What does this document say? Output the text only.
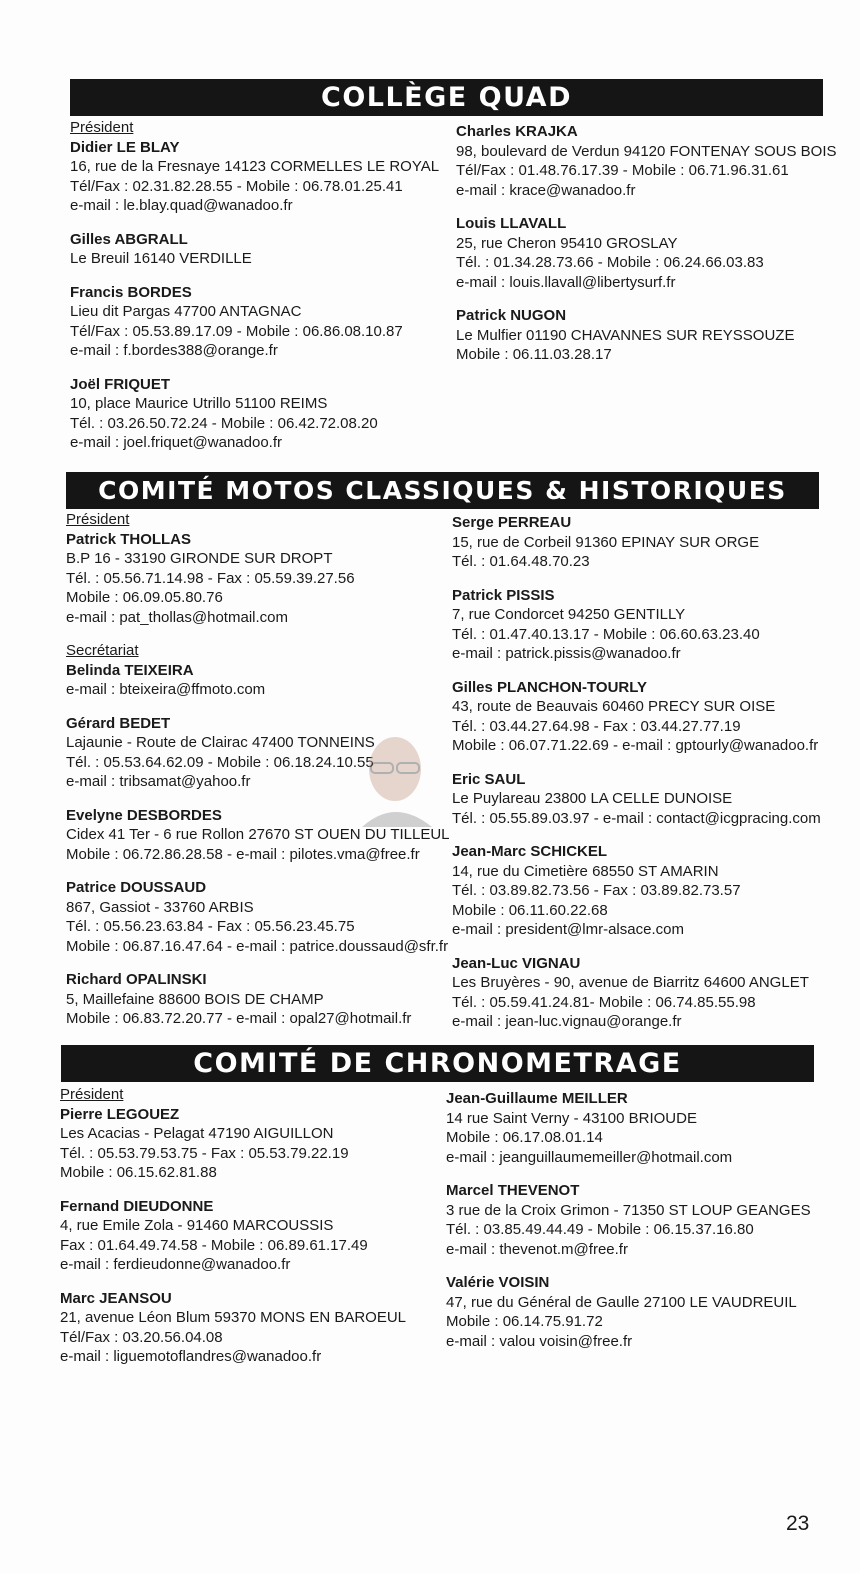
COLLÈGE QUAD
Président
Didier LE BLAY
16, rue de la Fresnaye 14123 CORMELLES LE ROYAL
Tél/Fax : 02.31.82.28.55 - Mobile : 06.78.01.25.41
e-mail : le.blay.quad@wanadoo.fr
Gilles ABGRALL
Le Breuil 16140 VERDILLE
Francis BORDES
Lieu dit Pargas 47700 ANTAGNAC
Tél/Fax : 05.53.89.17.09 - Mobile : 06.86.08.10.87
e-mail : f.bordes388@orange.fr
Joël FRIQUET
10, place Maurice Utrillo 51100 REIMS
Tél. : 03.26.50.72.24 - Mobile : 06.42.72.08.20
e-mail : joel.friquet@wanadoo.fr
Charles KRAJKA
98, boulevard de Verdun 94120 FONTENAY SOUS BOIS
Tél/Fax : 01.48.76.17.39 - Mobile : 06.71.96.31.61
e-mail : krace@wanadoo.fr
Louis LLAVALL
25, rue Cheron 95410 GROSLAY
Tél. : 01.34.28.73.66 - Mobile : 06.24.66.03.83
e-mail : louis.llavall@libertysurf.fr
Patrick NUGON
Le Mulfier 01190 CHAVANNES SUR REYSSOUZE
Mobile : 06.11.03.28.17
COMITÉ MOTOS CLASSIQUES & HISTORIQUES
Président
Patrick THOLLAS
B.P 16 - 33190 GIRONDE SUR DROPT
Tél. : 05.56.71.14.98 - Fax : 05.59.39.27.56
Mobile : 06.09.05.80.76
e-mail : pat_thollas@hotmail.com
Secrétariat
Belinda TEIXEIRA
e-mail : bteixeira@ffmoto.com
Gérard BEDET
Lajaunie - Route de Clairac 47400 TONNEINS
Tél. : 05.53.64.62.09 - Mobile : 06.18.24.10.55
e-mail : tribsamat@yahoo.fr
Evelyne DESBORDES
Cidex 41 Ter - 6 rue Rollon 27670 ST OUEN DU TILLEUL
Mobile : 06.72.86.28.58 - e-mail : pilotes.vma@free.fr
Patrice DOUSSAUD
867, Gassiot - 33760 ARBIS
Tél. : 05.56.23.63.84 - Fax : 05.56.23.45.75
Mobile : 06.87.16.47.64 - e-mail : patrice.doussaud@sfr.fr
Richard OPALINSKI
5, Maillefaine 88600 BOIS DE CHAMP
Mobile : 06.83.72.20.77 - e-mail : opal27@hotmail.fr
Serge PERREAU
15, rue de Corbeil 91360 EPINAY SUR ORGE
Tél. : 01.64.48.70.23
Patrick PISSIS
7, rue Condorcet 94250 GENTILLY
Tél. : 01.47.40.13.17 - Mobile : 06.60.63.23.40
e-mail : patrick.pissis@wanadoo.fr
Gilles PLANCHON-TOURLY
43, route de Beauvais 60460 PRECY SUR OISE
Tél. : 03.44.27.64.98 - Fax : 03.44.27.77.19
Mobile : 06.07.71.22.69 - e-mail : gptourly@wanadoo.fr
Eric SAUL
Le Puylareau 23800 LA CELLE DUNOISE
Tél. : 05.55.89.03.97 - e-mail : contact@icgpracing.com
Jean-Marc SCHICKEL
14, rue du Cimetière 68550 ST AMARIN
Tél. : 03.89.82.73.56 - Fax : 03.89.82.73.57
Mobile : 06.11.60.22.68
e-mail : president@lmr-alsace.com
Jean-Luc VIGNAU
Les Bruyères - 90, avenue de Biarritz 64600 ANGLET
Tél. : 05.59.41.24.81- Mobile : 06.74.85.55.98
e-mail : jean-luc.vignau@orange.fr
COMITÉ DE CHRONOMETRAGE
Président
Pierre LEGOUEZ
Les Acacias - Pelagat 47190 AIGUILLON
Tél. : 05.53.79.53.75 - Fax : 05.53.79.22.19
Mobile : 06.15.62.81.88
Fernand DIEUDONNE
4, rue Emile Zola - 91460 MARCOUSSIS
Fax : 01.64.49.74.58 - Mobile : 06.89.61.17.49
e-mail : ferdieudonne@wanadoo.fr
Marc JEANSOU
21, avenue Léon Blum 59370 MONS EN BAROEUL
Tél/Fax : 03.20.56.04.08
e-mail : liguemotoflandres@wanadoo.fr
Jean-Guillaume MEILLER
14 rue Saint Verny - 43100 BRIOUDE
Mobile : 06.17.08.01.14
e-mail : jeanguillaumemeiller@hotmail.com
Marcel THEVENOT
3 rue de la Croix Grimon - 71350 ST LOUP GEANGES
Tél. : 03.85.49.44.49 - Mobile : 06.15.37.16.80
e-mail : thevenot.m@free.fr
Valérie VOISIN
47, rue du Général de Gaulle 27100 LE VAUDREUIL
Mobile : 06.14.75.91.72
e-mail : valou voisin@free.fr
23
